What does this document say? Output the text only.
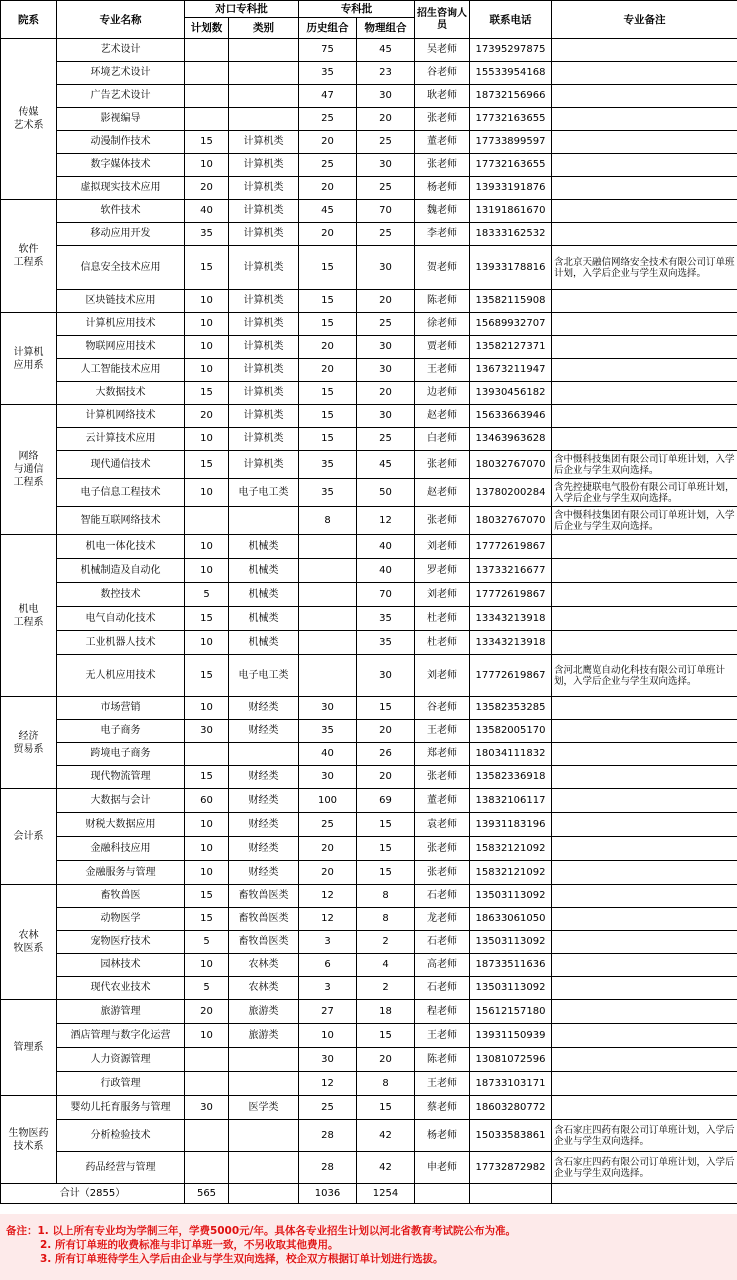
院系	专业名称	对口专科批		专科批		招生咨询人员	联系电话	专业备注
		计划数	类别	历史组合	物理组合			

传媒
艺术系	艺术设计			75	45	吴老师	17395297875	
	环境艺术设计			35	23	谷老师	15533954168	
	广告艺术设计			47	30	耿老师	18732156966	
	影视编导			25	20	张老师	17732163655	
	动漫制作技术	15	计算机类	20	25	董老师	17733899597	
	数字媒体技术	10	计算机类	25	30	张老师	17732163655	
	虚拟现实技术应用	20	计算机类	20	25	杨老师	13933191876	

软件
工程系	软件技术	40	计算机类	45	70	魏老师	13191861670	
	移动应用开发	35	计算机类	20	25	李老师	18333162532	
	信息安全技术应用	15	计算机类	15	30	贺老师	13933178816	含北京天融信网络安全技术有限公司订单班计划，入学后企业与学生双向选择。
	区块链技术应用	10	计算机类	15	20	陈老师	13582115908	

计算机
应用系	计算机应用技术	10	计算机类	15	25	徐老师	15689932707	
	物联网应用技术	10	计算机类	20	30	贾老师	13582127371	
	人工智能技术应用	10	计算机类	20	30	王老师	13673211947	
	大数据技术	15	计算机类	15	20	边老师	13930456182	

网络
与通信
工程系	计算机网络技术	20	计算机类	15	30	赵老师	15633663946	
	云计算技术应用	10	计算机类	15	25	白老师	13463963628	
	现代通信技术	15	计算机类	35	45	张老师	18032767070	含中慑科技集团有限公司订单班计划，入学后企业与学生双向选择。
	电子信息工程技术	10	电子电工类	35	50	赵老师	13780200284	含先控捷联电气股份有限公司订单班计划，入学后企业与学生双向选择。
	智能互联网络技术			8	12	张老师	18032767070	含中慑科技集团有限公司订单班计划，入学后企业与学生双向选择。

机电
工程系	机电一体化技术	10	机械类		40	刘老师	17772619867	
	机械制造及自动化	10	机械类		40	罗老师	13733216677	
	数控技术	5	机械类		70	刘老师	17772619867	
	电气自动化技术	15	机械类		35	杜老师	13343213918	
	工业机器人技术	10	机械类		35	杜老师	13343213918	
	无人机应用技术	15	电子电工类		30	刘老师	17772619867	含河北鹰览自动化科技有限公司订单班计划，入学后企业与学生双向选择。

经济
贸易系	市场营销	10	财经类	30	15	谷老师	13582353285	
	电子商务	30	财经类	35	20	王老师	13582005170	
	跨境电子商务			40	26	郑老师	18034111832	
	现代物流管理	15	财经类	30	20	张老师	13582336918	

会计系	大数据与会计	60	财经类	100	69	董老师	13832106117	
	财税大数据应用	10	财经类	25	15	袁老师	13931183196	
	金融科技应用	10	财经类	20	15	张老师	15832121092	
	金融服务与管理	10	财经类	20	15	张老师	15832121092	

农林
牧医系	畜牧兽医	15	畜牧兽医类	12	8	石老师	13503113092	
	动物医学	15	畜牧兽医类	12	8	龙老师	18633061050	
	宠物医疗技术	5	畜牧兽医类	3	2	石老师	13503113092	
	园林技术	10	农林类	6	4	高老师	18733511636	
	现代农业技术	5	农林类	3	2	石老师	13503113092	

管理系	旅游管理	20	旅游类	27	18	程老师	15612157180	
	酒店管理与数字化运营	10	旅游类	10	15	王老师	13931150939	
	人力资源管理			30	20	陈老师	13081072596	
	行政管理			12	8	王老师	18733103171	

生物医药
技术系	婴幼儿托育服务与管理	30	医学类	25	15	蔡老师	18603280772	
	分析检验技术			28	42	杨老师	15033583861	含石家庄四药有限公司订单班计划，入学后企业与学生双向选择。
	药品经营与管理			28	42	申老师	17732872982	含石家庄四药有限公司订单班计划，入学后企业与学生双向选择。
合计（2855）		565		1036	1254			
备注：1. 以上所有专业均为学制三年，学费5000元/年。具体各专业招生计划以河北省教育考试院公布为准。
2. 所有订单班的收费标准与非订单班一致，不另收取其他费用。
3. 所有订单班待学生入学后由企业与学生双向选择，校企双方根据订单计划进行选拔。
